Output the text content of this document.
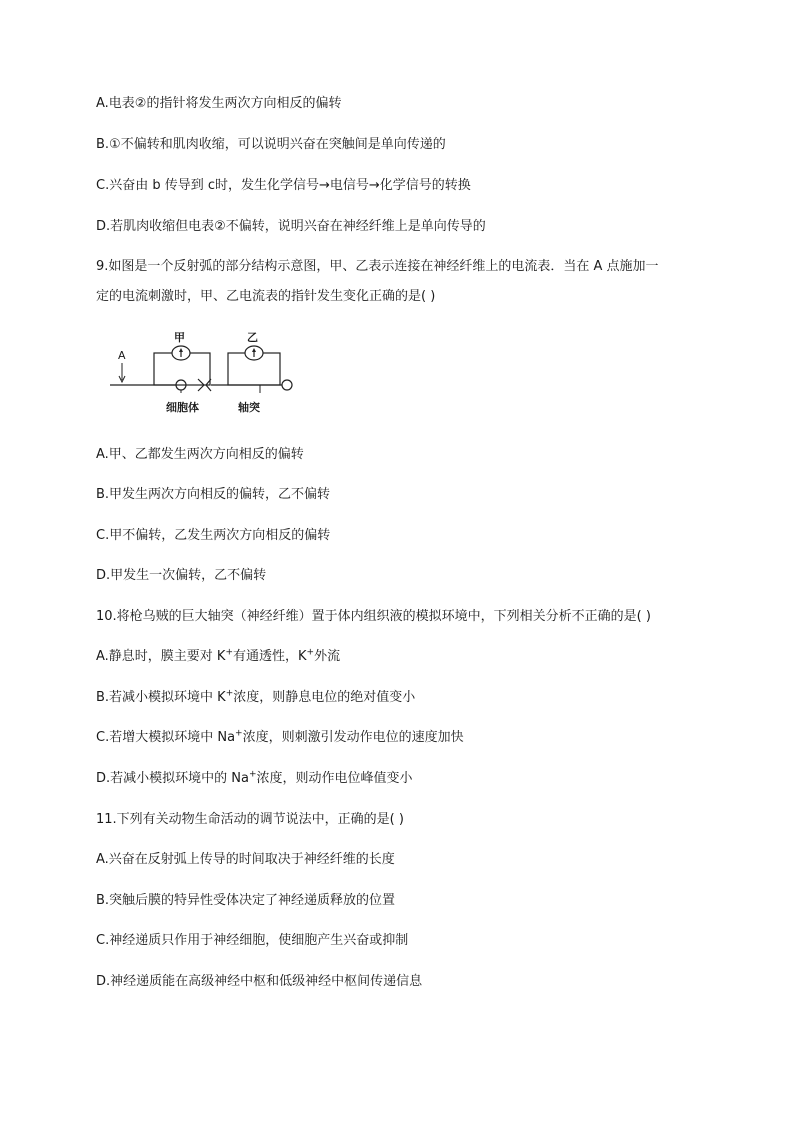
A.电表②的指针将发生两次方向相反的偏转
B.①不偏转和肌肉收缩，可以说明兴奋在突触间是单向传递的
C.兴奋由 b 传导到 c时，发生化学信号→电信号→化学信号的转换
D.若肌肉收缩但电表②不偏转，说明兴奋在神经纤维上是单向传导的
9.如图是一个反射弧的部分结构示意图，甲、乙表示连接在神经纤维上的电流表．当在 A 点施加一
定的电流刺激时，甲、乙电流表的指针发生变化正确的是( )
A
细胞体	轴突
甲	乙
A.甲、乙都发生两次方向相反的偏转
B.甲发生两次方向相反的偏转，乙不偏转
C.甲不偏转，乙发生两次方向相反的偏转
D.甲发生一次偏转，乙不偏转
10.将枪乌贼的巨大轴突（神经纤维）置于体内组织液的模拟环境中，下列相关分析不正确的是( )
A.静息时，膜主要对 K+有通透性，K+外流
B.若减小模拟环境中 K+浓度，则静息电位的绝对值变小
C.若增大模拟环境中 Na+浓度，则刺激引发动作电位的速度加快
D.若减小模拟环境中的 Na+浓度，则动作电位峰值变小
11.下列有关动物生命活动的调节说法中，正确的是( )
A.兴奋在反射弧上传导的时间取决于神经纤维的长度
B.突触后膜的特异性受体决定了神经递质释放的位置
C.神经递质只作用于神经细胞，使细胞产生兴奋或抑制
D.神经递质能在高级神经中枢和低级神经中枢间传递信息
